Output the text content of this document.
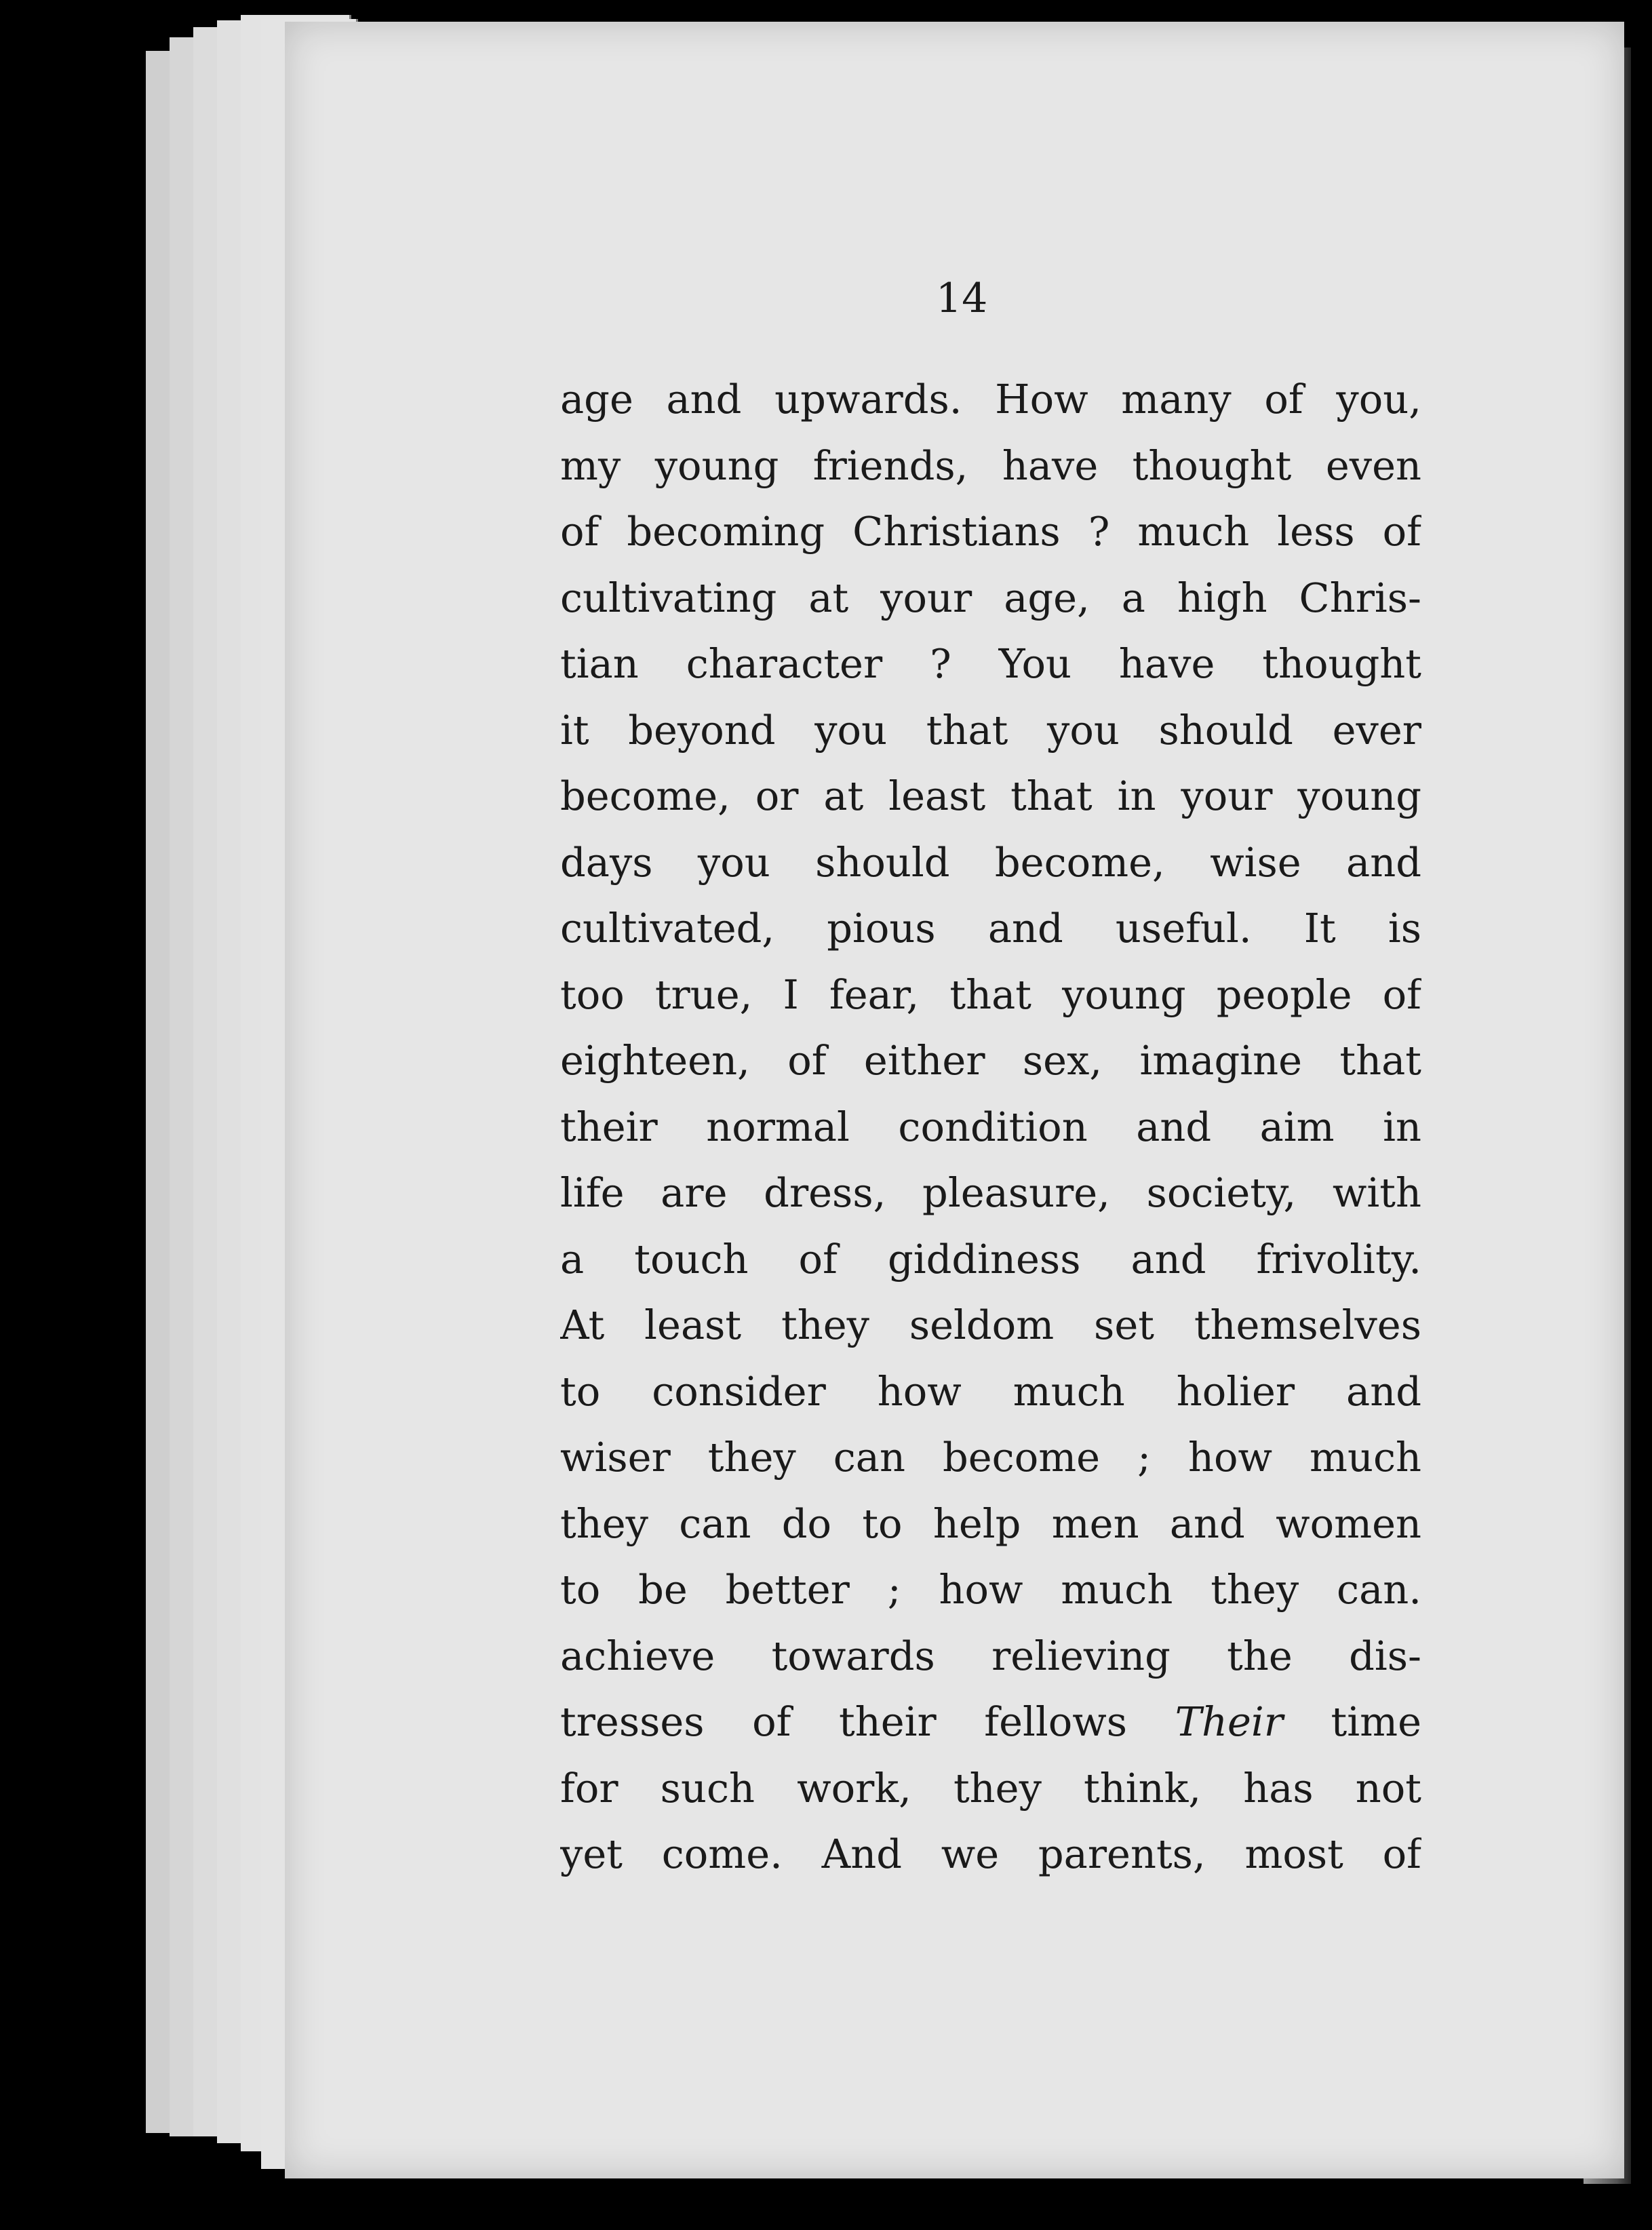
14
age and upwards. How many of you,
my young friends, have thought even
of becoming Christians ? much less of
cultivating at your age, a high Chris-
tian character ? You have thought
it beyond you that you should ever
become, or at least that in your young
days you should become, wise and
cultivated, pious and useful. It is
too true, I fear, that young people of
eighteen, of either sex, imagine that
their normal condition and aim in
life are dress, pleasure, society, with
a touch of giddiness and frivolity.
At least they seldom set themselves
to consider how much holier and
wiser they can become ; how much
they can do to help men and women
to be better ; how much they can.
achieve towards relieving the dis-
tresses of their fellows Their time
for such work, they think, has not
yet come. And we parents, most of
